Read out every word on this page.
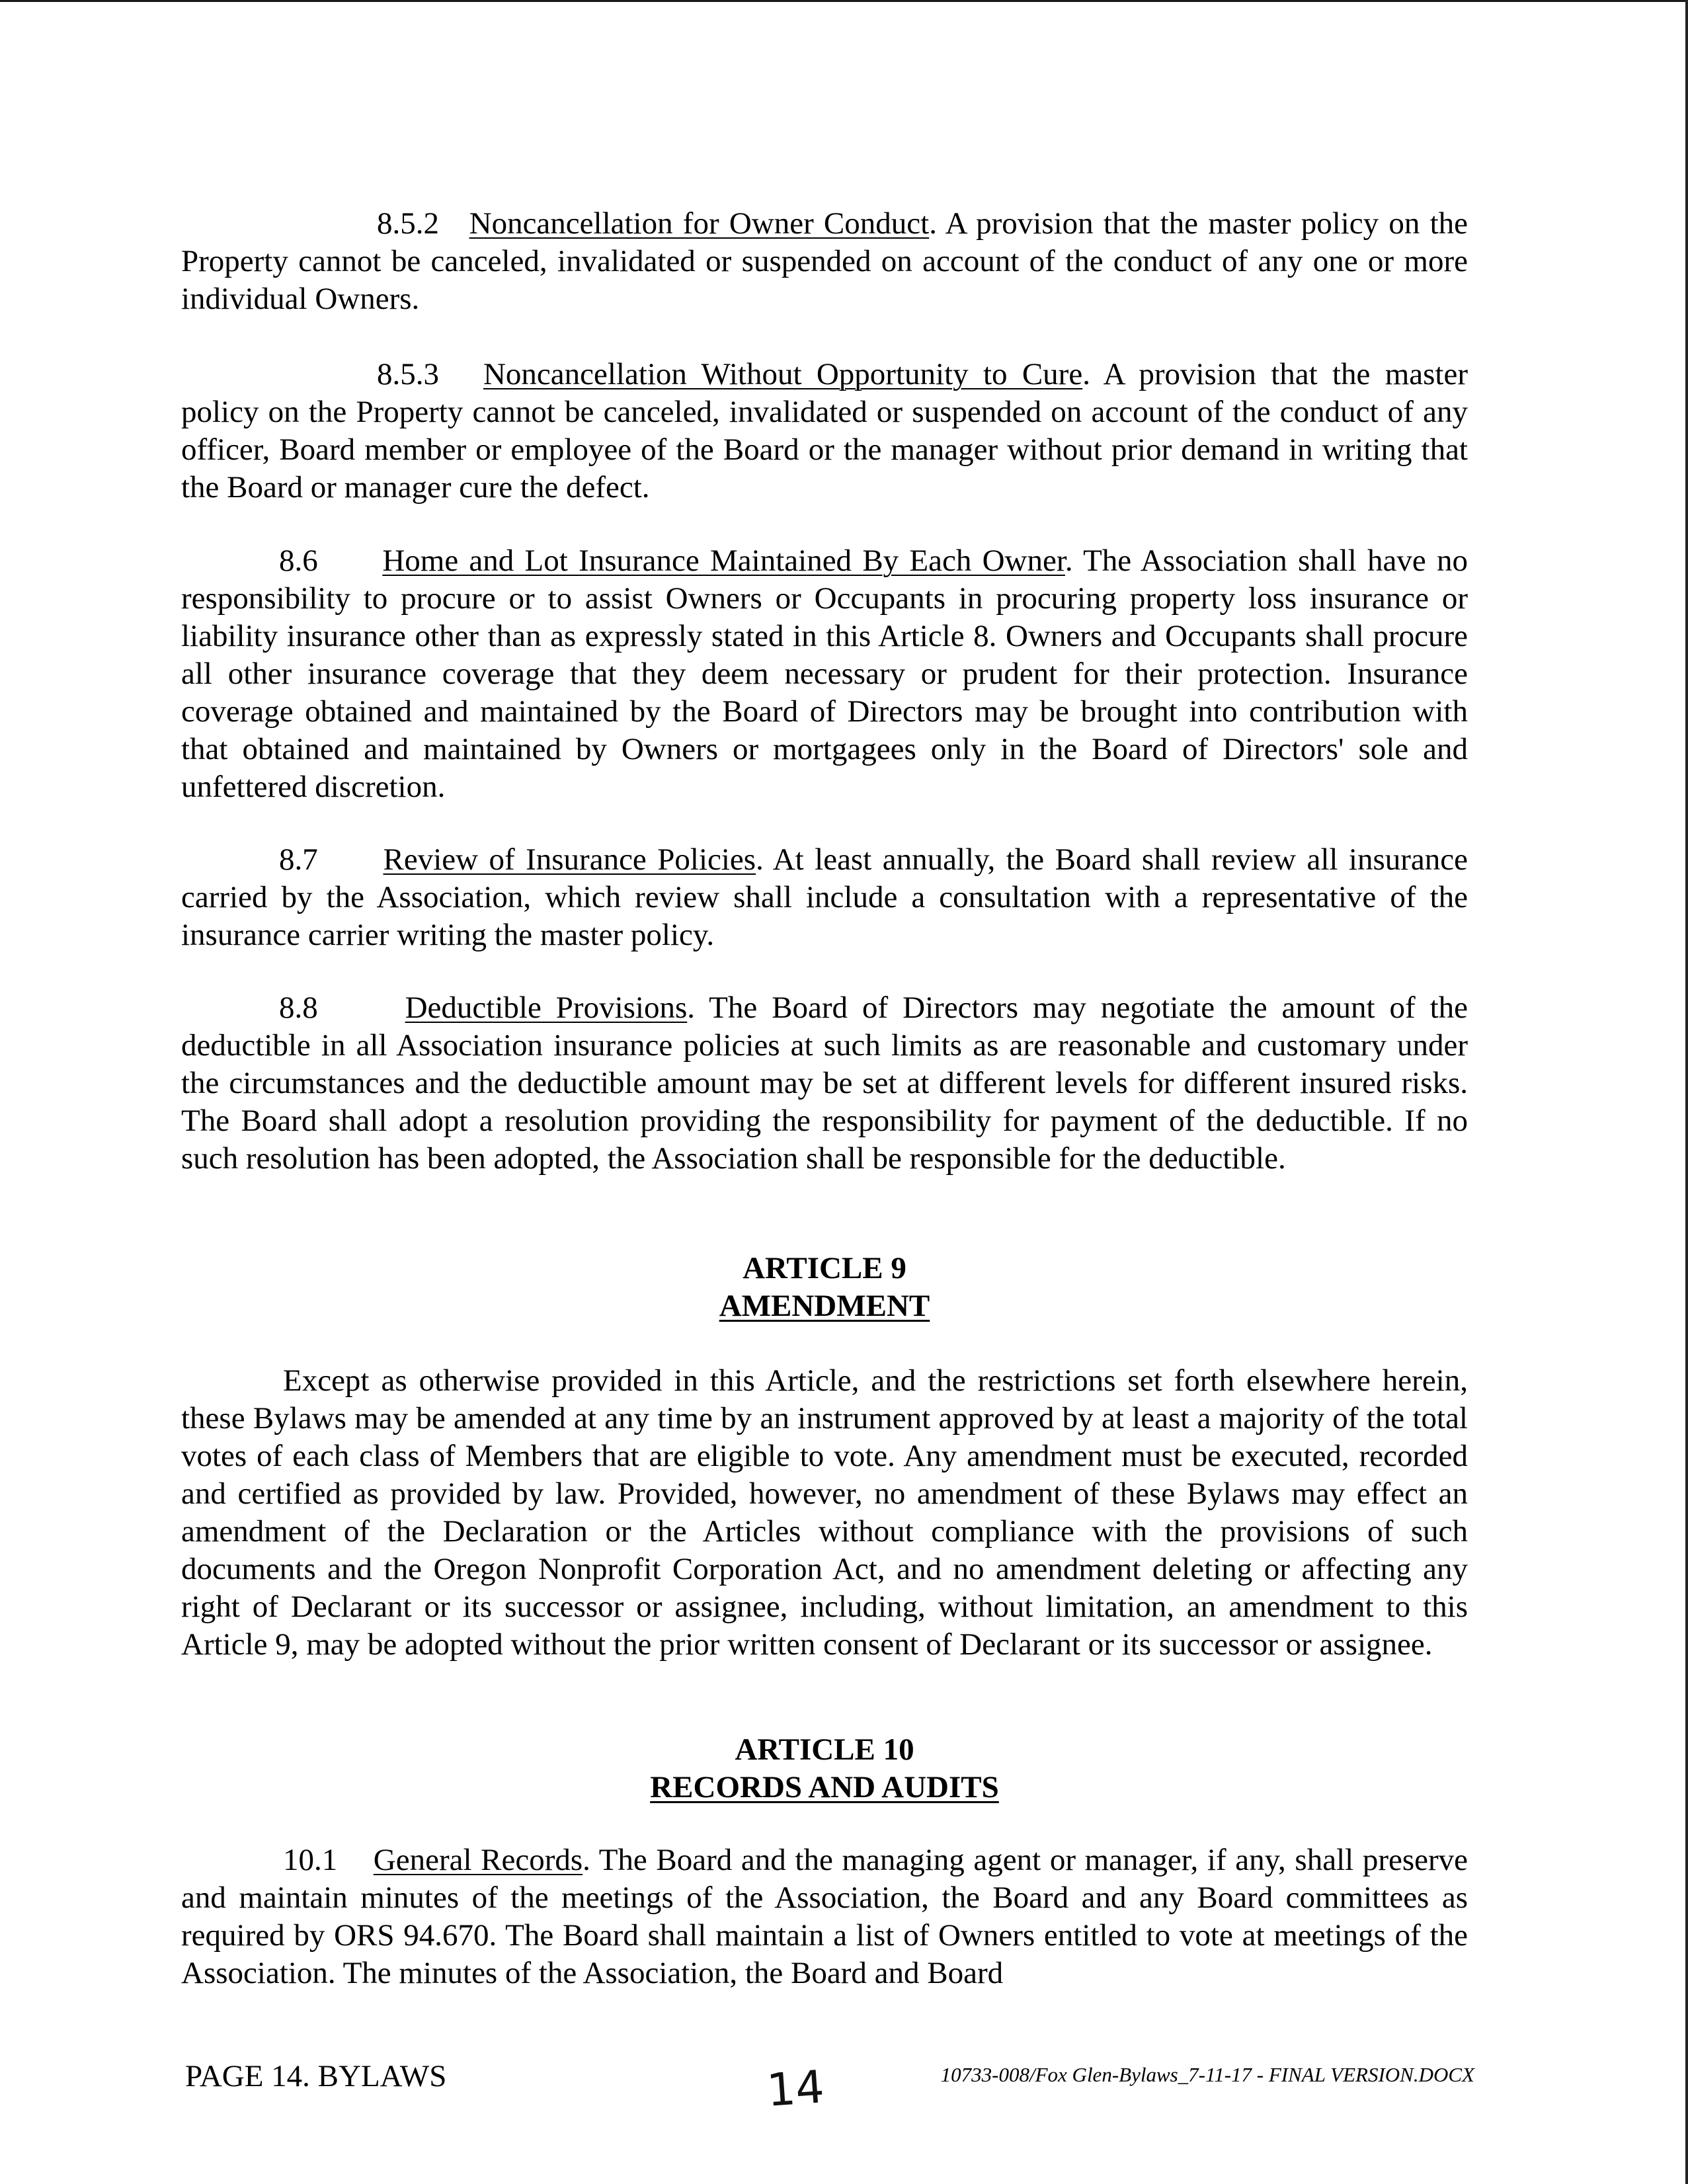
8.5.2 Noncancellation for Owner Conduct. A provision that the master policy on the Property cannot be canceled, invalidated or suspended on account of the conduct of any one or more individual Owners.
8.5.3 Noncancellation Without Opportunity to Cure. A provision that the master policy on the Property cannot be canceled, invalidated or suspended on account of the conduct of any officer, Board member or employee of the Board or the manager without prior demand in writing that the Board or manager cure the defect.
8.6 Home and Lot Insurance Maintained By Each Owner. The Association shall have no responsibility to procure or to assist Owners or Occupants in procuring property loss insurance or liability insurance other than as expressly stated in this Article 8. Owners and Occupants shall procure all other insurance coverage that they deem necessary or prudent for their protection. Insurance coverage obtained and maintained by the Board of Directors may be brought into contribution with that obtained and maintained by Owners or mortgagees only in the Board of Directors' sole and unfettered discretion.
8.7 Review of Insurance Policies. At least annually, the Board shall review all insurance carried by the Association, which review shall include a consultation with a representative of the insurance carrier writing the master policy.
8.8	Deductible Provisions. The Board of Directors may negotiate the amount of the deductible in all Association insurance policies at such limits as are reasonable and customary under the circumstances and the deductible amount may be set at different levels for different insured risks. The Board shall adopt a resolution providing the responsibility for payment of the deductible. If no such resolution has been adopted, the Association shall be responsible for the deductible.
ARTICLE 9
AMENDMENT
Except as otherwise provided in this Article, and the restrictions set forth elsewhere herein, these Bylaws may be amended at any time by an instrument approved by at least a majority of the total votes of each class of Members that are eligible to vote. Any amendment must be executed, recorded and certified as provided by law. Provided, however, no amendment of these Bylaws may effect an amendment of the Declaration or the Articles without compliance with the provisions of such documents and the Oregon Nonprofit Corporation Act, and no amendment deleting or affecting any right of Declarant or its successor or assignee, including, without limitation, an amendment to this Article 9, may be adopted without the prior written consent of Declarant or its successor or assignee.
ARTICLE 10
RECORDS AND AUDITS
10.1 General Records. The Board and the managing agent or manager, if any, shall preserve and maintain minutes of the meetings of the Association, the Board and any Board committees as required by ORS 94.670. The Board shall maintain a list of Owners entitled to vote at meetings of the Association. The minutes of the Association, the Board and Board
PAGE 14. BYLAWS	14	10733-008/Fox Glen-Bylaws_7-11-17 - FINAL VERSION.DOCX
